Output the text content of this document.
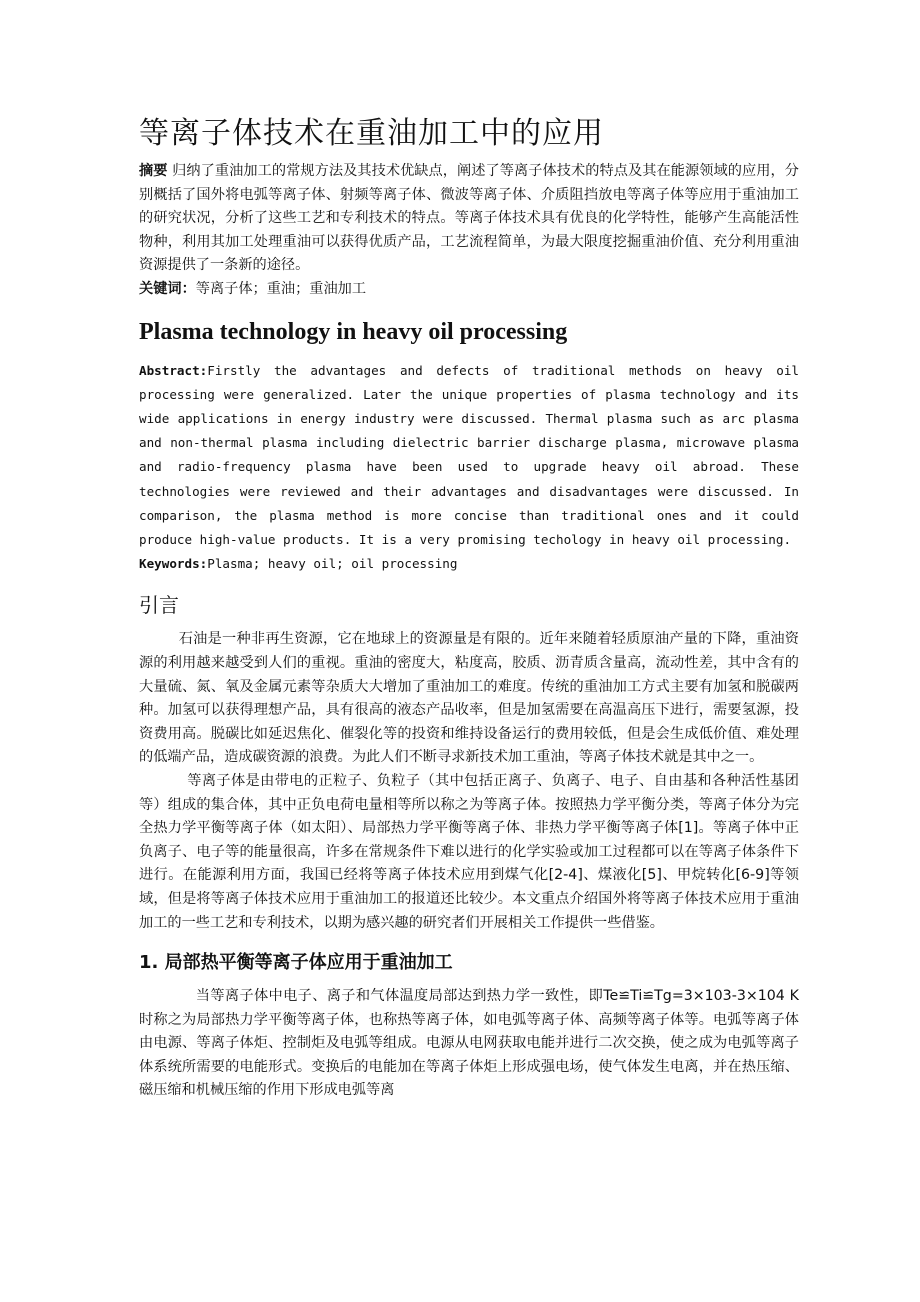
等离子体技术在重油加工中的应用

摘要 归纳了重油加工的常规方法及其技术优缺点，阐述了等离子体技术的特点及其在能源领域的应用，分别概括了国外将电弧等离子体、射频等离子体、微波等离子体、介质阻挡放电等离子体等应用于重油加工的研究状况，分析了这些工艺和专利技术的特点。等离子体技术具有优良的化学特性，能够产生高能活性物种，利用其加工处理重油可以获得优质产品，工艺流程简单，为最大限度挖掘重油价值、充分利用重油资源提供了一条新的途径。

关键词：等离子体；重油；重油加工

Plasma technology in heavy oil processing

Abstract:Firstly the advantages and defects of traditional methods on heavy oil processing were generalized. Later the unique properties of plasma technology and its wide applications in energy industry were discussed. Thermal plasma such as arc plasma and non-thermal plasma including dielectric barrier discharge plasma, microwave plasma and radio-frequency plasma have been used to upgrade heavy oil abroad. These technologies were reviewed and their advantages and disadvantages were discussed. In comparison, the plasma method is more concise than traditional ones and it could produce high-value products. It is a very promising techology in heavy oil processing.

Keywords:Plasma; heavy oil; oil processing

引言

石油是一种非再生资源，它在地球上的资源量是有限的。近年来随着轻质原油产量的下降，重油资源的利用越来越受到人们的重视。重油的密度大，粘度高，胶质、沥青质含量高，流动性差，其中含有的大量硫、氮、氧及金属元素等杂质大大增加了重油加工的难度。传统的重油加工方式主要有加氢和脱碳两种。加氢可以获得理想产品，具有很高的液态产品收率，但是加氢需要在高温高压下进行，需要氢源，投资费用高。脱碳比如延迟焦化、催裂化等的投资和维持设备运行的费用较低，但是会生成低价值、难处理的低端产品，造成碳资源的浪费。为此人们不断寻求新技术加工重油，等离子体技术就是其中之一。

等离子体是由带电的正粒子、负粒子（其中包括正离子、负离子、电子、自由基和各种活性基团等）组成的集合体，其中正负电荷电量相等所以称之为等离子体。按照热力学平衡分类，等离子体分为完全热力学平衡等离子体（如太阳）、局部热力学平衡等离子体、非热力学平衡等离子体[1]。等离子体中正负离子、电子等的能量很高，许多在常规条件下难以进行的化学实验或加工过程都可以在等离子体条件下进行。在能源利用方面，我国已经将等离子体技术应用到煤气化[2-4]、煤液化[5]、甲烷转化[6-9]等领域，但是将等离子体技术应用于重油加工的报道还比较少。本文重点介绍国外将等离子体技术应用于重油加工的一些工艺和专利技术，以期为感兴趣的研究者们开展相关工作提供一些借鉴。

1. 局部热平衡等离子体应用于重油加工

当等离子体中电子、离子和气体温度局部达到热力学一致性，即Te≌Ti≌Tg=3×103-3×104 K 时称之为局部热力学平衡等离子体，也称热等离子体，如电弧等离子体、高频等离子体等。电弧等离子体由电源、等离子体炬、控制炬及电弧等组成。电源从电网获取电能并进行二次交换，使之成为电弧等离子体系统所需要的电能形式。变换后的电能加在等离子体炬上形成强电场，使气体发生电离，并在热压缩、磁压缩和机械压缩的作用下形成电弧等离
